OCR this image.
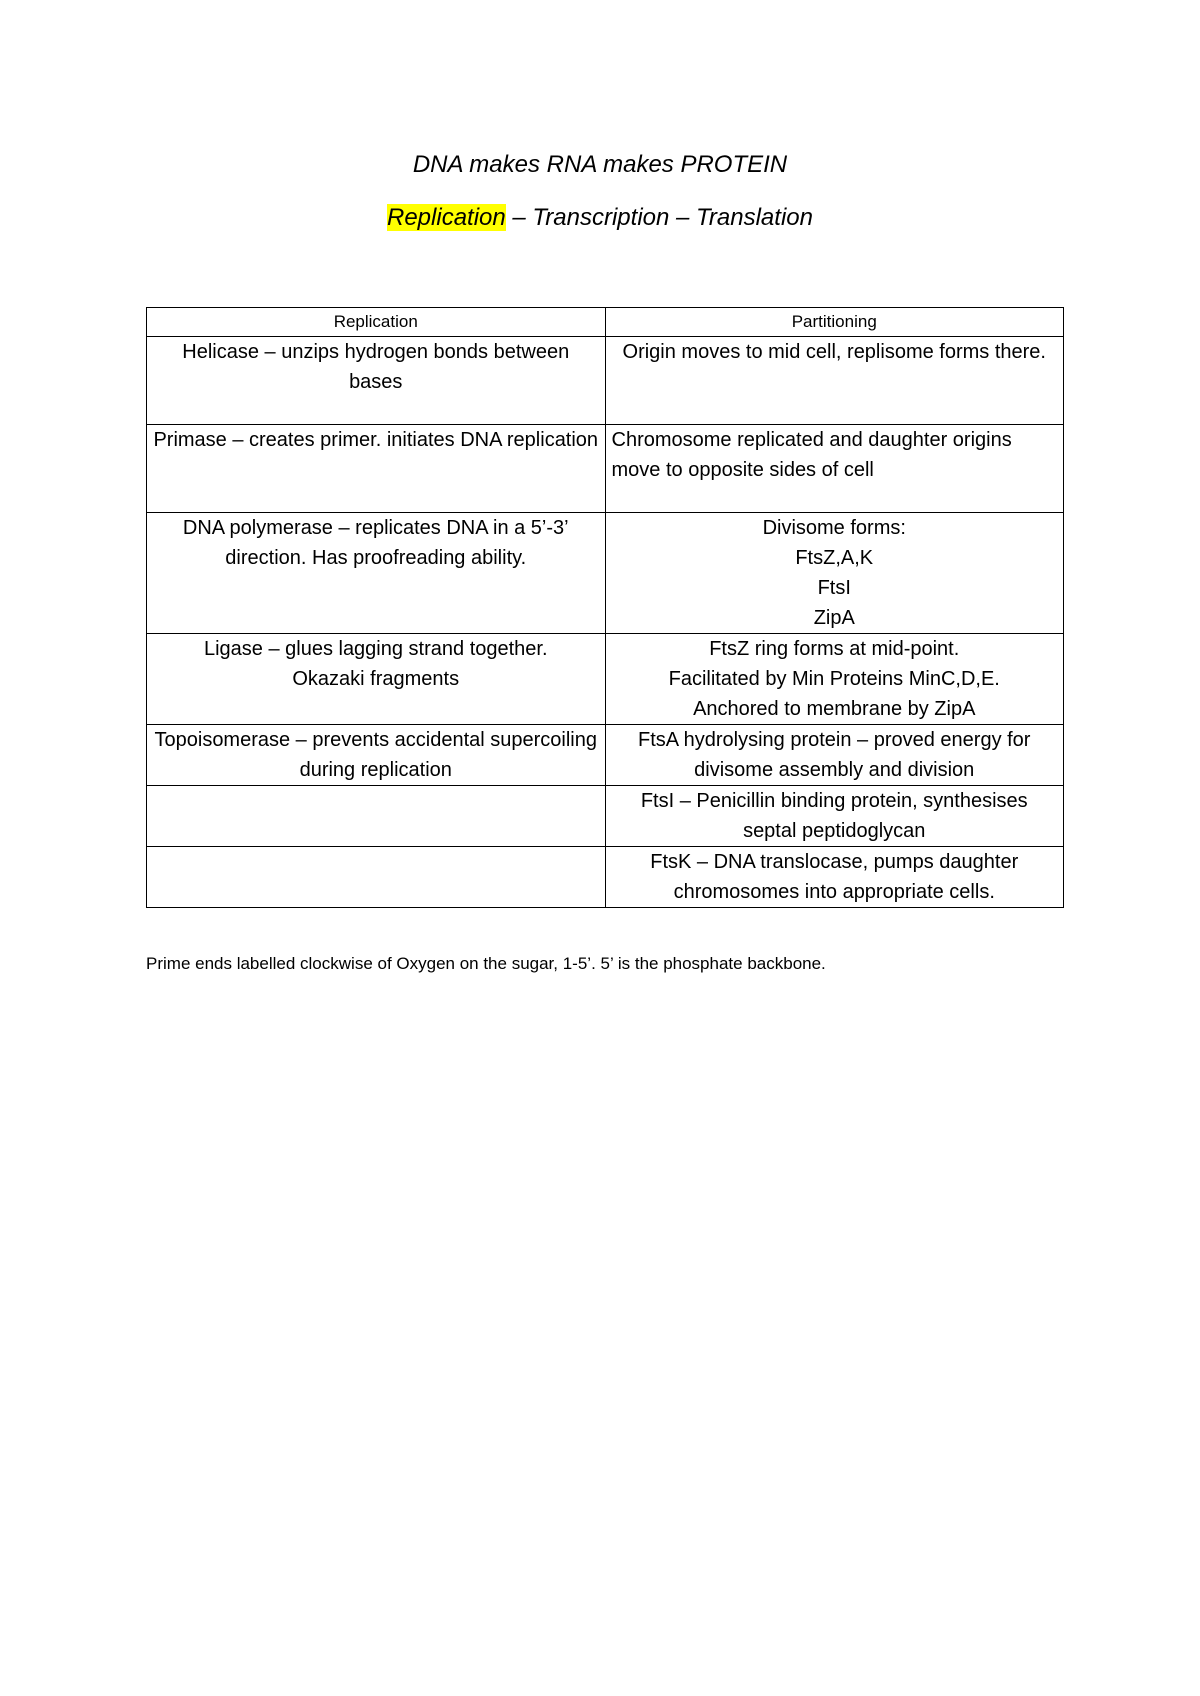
DNA makes RNA makes PROTEIN
Replication – Transcription – Translation
Replication	Partitioning

Helicase – unzips hydrogen bonds between bases	Origin moves to mid cell, replisome forms there.

Primase – creates primer. initiates DNA replication	Chromosome replicated and daughter origins move to opposite sides of cell

DNA polymerase – replicates DNA in a 5’-3’ direction. Has proofreading ability.	Divisome forms:
FtsZ,A,K
FtsI
ZipA

Ligase – glues lagging strand together.
Okazaki fragments	FtsZ ring forms at mid-point.
Facilitated by Min Proteins MinC,D,E.
Anchored to membrane by ZipA

Topoisomerase – prevents accidental supercoiling during replication	FtsA hydrolysing protein – proved energy for divisome assembly and division

	FtsI – Penicillin binding protein, synthesises septal peptidoglycan

	FtsK – DNA translocase, pumps daughter chromosomes into appropriate cells.
Prime ends labelled clockwise of Oxygen on the sugar, 1-5’. 5’ is the phosphate backbone.
